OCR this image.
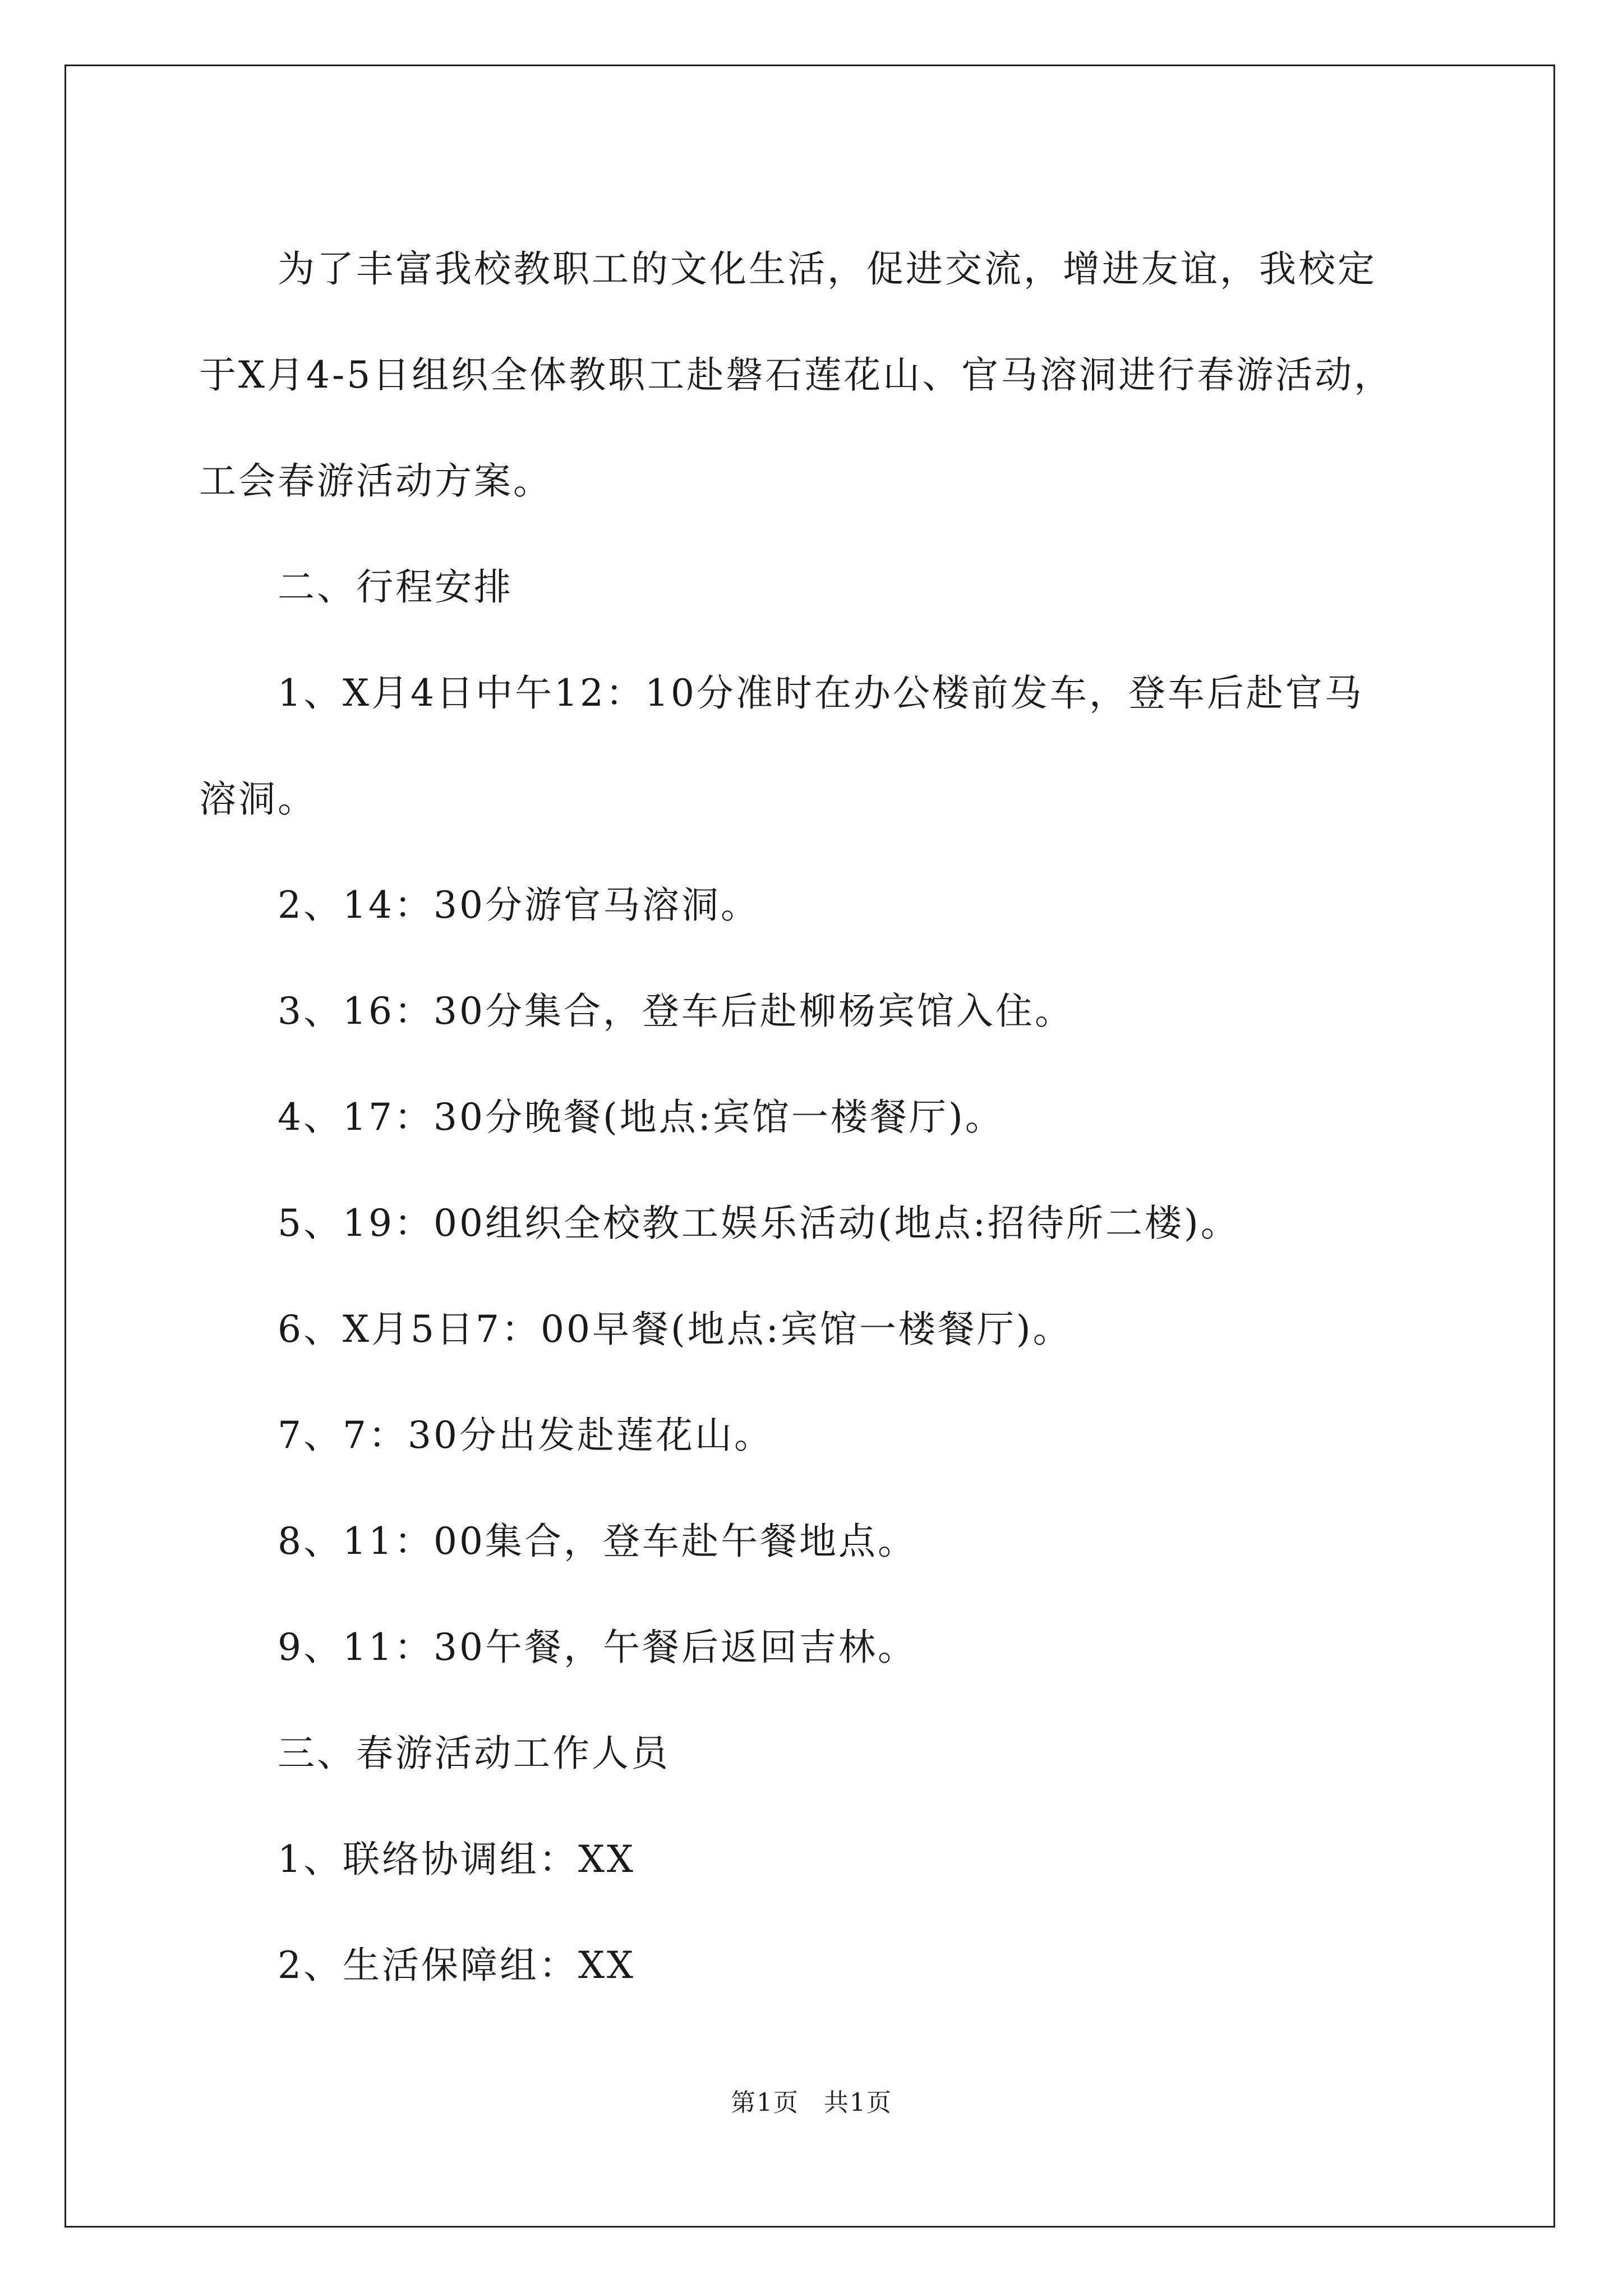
为了丰富我校教职工的文化生活，促进交流，增进友谊，我校定

于X月4-5日组织全体教职工赴磐石莲花山、官马溶洞进行春游活动，

工会春游活动方案。

二、行程安排

1、X月4日中午12：10分准时在办公楼前发车，登车后赴官马

溶洞。

2、14：30分游官马溶洞。

3、16：30分集合，登车后赴柳杨宾馆入住。

4、17：30分晚餐(地点:宾馆一楼餐厅)。

5、19：00组织全校教工娱乐活动(地点:招待所二楼)。

6、X月5日7：00早餐(地点:宾馆一楼餐厅)。

7、7：30分出发赴莲花山。

8、11：00集合，登车赴午餐地点。

9、11：30午餐，午餐后返回吉林。

三、春游活动工作人员

1、联络协调组：XX

2、生活保障组：XX

第1页 共1页
